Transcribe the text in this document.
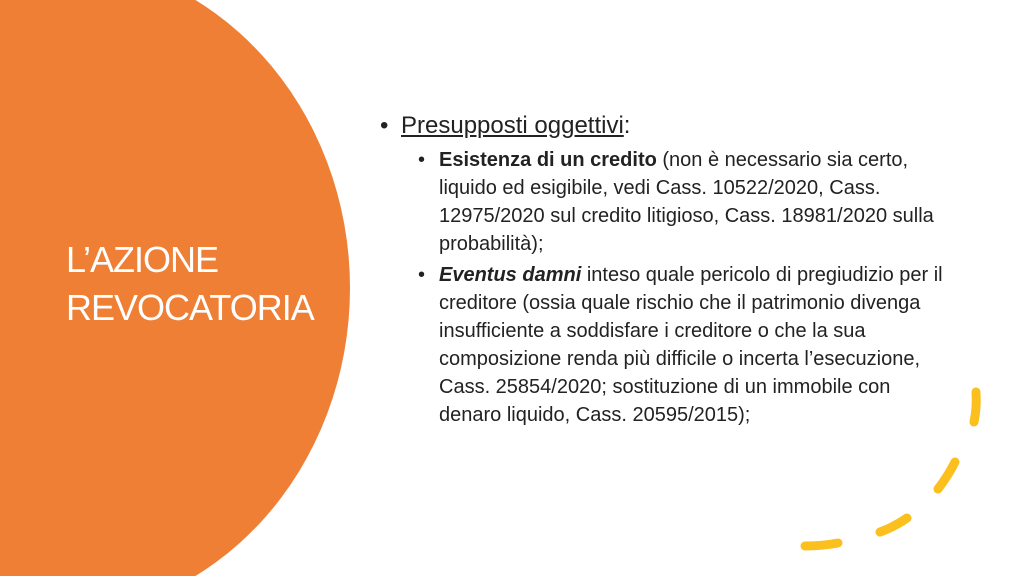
L’AZIONE
REVOCATORIA
• Presupposti oggettivi:
• Esistenza di un credito (non è necessario sia certo, liquido ed esigibile, vedi Cass. 10522/2020, Cass. 12975/2020 sul credito litigioso, Cass. 18981/2020 sulla probabilità);
• Eventus damni inteso quale pericolo di pregiudizio per il creditore (ossia quale rischio che il patrimonio divenga insufficiente a soddisfare i creditore o che la sua composizione renda più difficile o incerta l’esecuzione, Cass. 25854/2020; sostituzione di un immobile con denaro liquido, Cass. 20595/2015);
